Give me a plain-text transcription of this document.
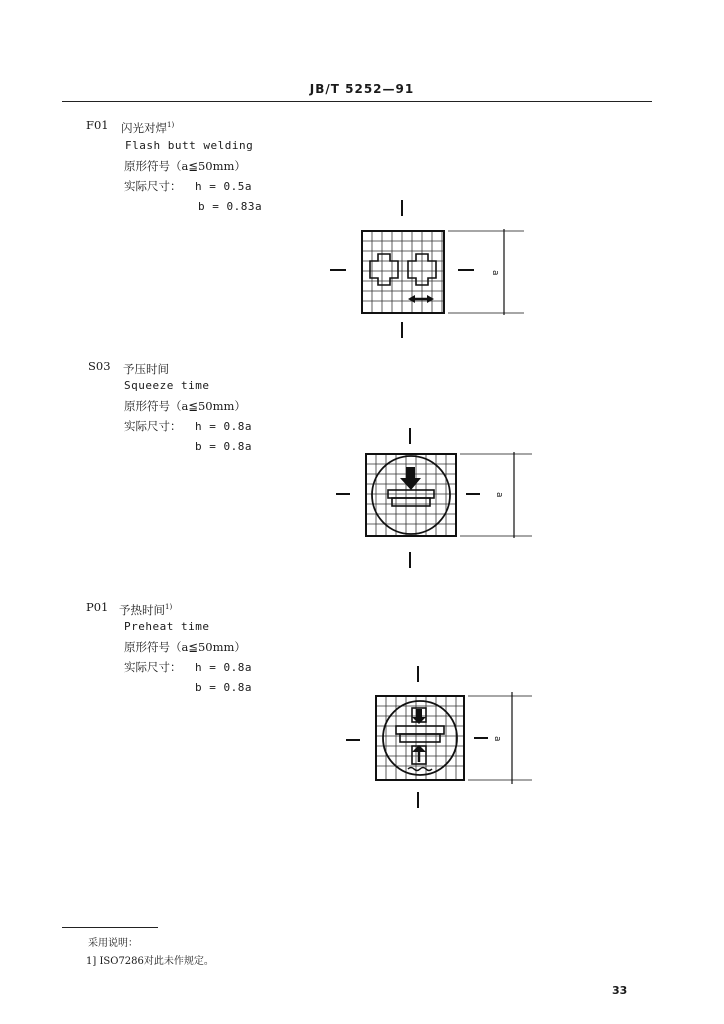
JB/T 5252—91
F01 闪光对焊$^{1)}$
Flash butt welding
原形符号（a≦50mm）
实际尺寸： h = 0.5a
b = 0.83a
a
S03 予压时间
Squeeze time
原形符号（a≦50mm）
实际尺寸： h = 0.8a
b = 0.8a
a
P01 予热时间$^{1)}$
Preheat time
原形符号（a≦50mm）
实际尺寸： h = 0.8a
b = 0.8a
a
采用说明：
1] ISO7286对此未作规定。
33
